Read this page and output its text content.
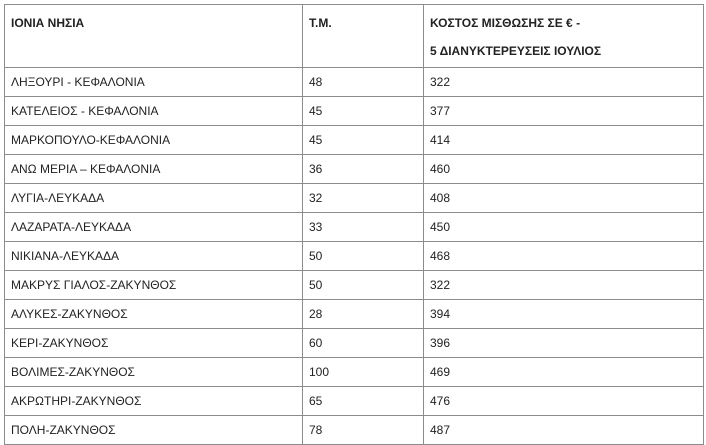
ΙΟΝΙΑ ΝΗΣΙΑ	Τ.Μ.	ΚΟΣΤΟΣ ΜΙΣΘΩΣΗΣ ΣΕ € -
5 ΔΙΑΝΥΚΤΕΡΕΥΣΕΙΣ ΙΟΥΛΙΟΣ

ΛΗΞΟΥΡΙ - ΚΕΦΑΛΟΝΙΑ	48	322
ΚΑΤΕΛΕΙΟΣ - ΚΕΦΑΛΟΝΙΑ	45	377
ΜΑΡΚΟΠΟΥΛΟ-ΚΕΦΑΛΟΝΙΑ	45	414
ΑΝΩ ΜΕΡΙΑ – ΚΕΦΑΛΟΝΙΑ	36	460
ΛΥΓΙΑ-ΛΕΥΚΑΔΑ	32	408
ΛΑΖΑΡΑΤΑ-ΛΕΥΚΑΔΑ	33	450
ΝΙΚΙΑΝΑ-ΛΕΥΚΑΔΑ	50	468
ΜΑΚΡΥΣ ΓΙΑΛΟΣ-ΖΑΚΥΝΘΟΣ	50	322
ΑΛΥΚΕΣ-ΖΑΚΥΝΘΟΣ	28	394
ΚΕΡΙ-ΖΑΚΥΝΘΟΣ	60	396
ΒΟΛΙΜΕΣ-ΖΑΚΥΝΘΟΣ	100	469
ΑΚΡΩΤΗΡΙ-ΖΑΚΥΝΘΟΣ	65	476
ΠΟΛΗ-ΖΑΚΥΝΘΟΣ	78	487
